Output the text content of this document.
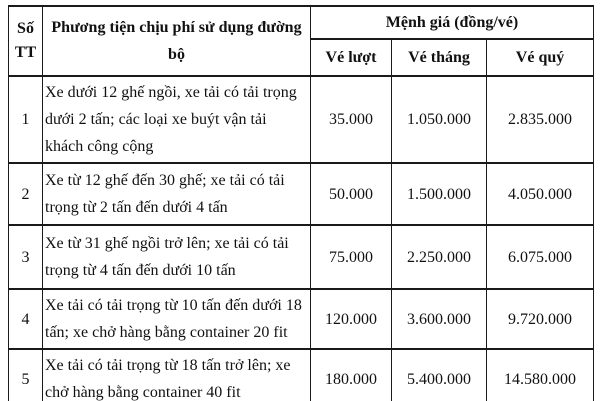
Số TT	Phương tiện chịu phí sử dụng đường bộ	Mệnh giá (đồng/vé)		
		Vé lượt	Vé tháng	Vé quý
1	Xe dưới 12 ghế ngồi, xe tải có tải trọng dưới 2 tấn; các loại xe buýt vận tải khách công cộng	35.000	1.050.000	2.835.000
2	Xe từ 12 ghế đến 30 ghế; xe tải có tải trọng từ 2 tấn đến dưới 4 tấn	50.000	1.500.000	4.050.000
3	Xe từ 31 ghế ngồi trở lên; xe tải có tải trọng từ 4 tấn đến dưới 10 tấn	75.000	2.250.000	6.075.000
4	Xe tải có tải trọng từ 10 tấn đến dưới 18 tấn; xe chở hàng bằng container 20 fit	120.000	3.600.000	9.720.000
5	Xe tải có tải trọng từ 18 tấn trở lên; xe chở hàng bằng container 40 fit	180.000	5.400.000	14.580.000
